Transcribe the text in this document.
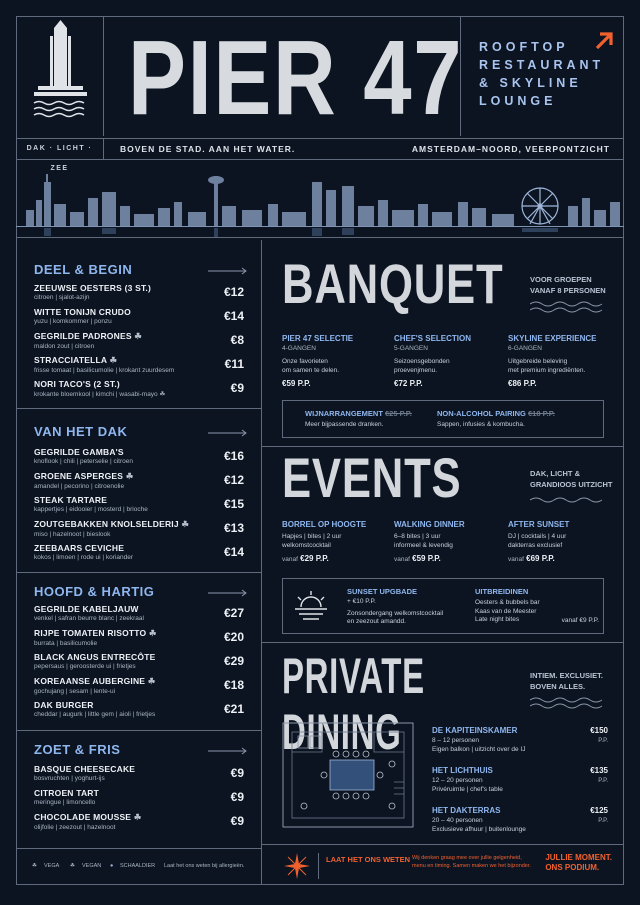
PIER 47 ROOFTOP
RESTAURANT
& SKYLINE
LOUNGE
DAK · LICHT · ZEE
BOVEN DE STAD. AAN HET WATER.	AMSTERDAM–NOORD, VEERPONTZICHT
DEEL & BEGIN
ZEEUWSE OESTERS (3 ST.)
citroen | sjalot-azijn	€12
WITTE TONIJN CRUDO
yuzu | komkommer | ponzu	€14
GEGRILDE PADRONES ☘
maldon zout | citroen	€8
STRACCIATELLA ☘
frisse tomaat | basilicumolie | krokant zuurdesem	€11
NORI TACO'S (2 ST.)
krokante bloemkool | kimchi | wasabi-mayo ☘	€9
VAN HET DAK
GEGRILDE GAMBA'S
knoflook | chili | peterselie | citroen	€16
GROENE ASPERGES ☘
amandel | pecorino | citroenolie	€12
STEAK TARTARE
kappertjes | eidooier | mosterd | brioche	€15
ZOUTGEBAKKEN KNOLSELDERIJ ☘
miso | hazelnoot | bieslook	€13
ZEEBAARS CEVICHE
kokos | limoen | rode ui | koriander	€14
HOOFD & HARTIG
GEGRILDE KABELJAUW
venkel | safran beurre blanc | zeekraal	€27
RIJPE TOMATEN RISOTTO ☘
burrata | basilicumolie	€20
BLACK ANGUS ENTRECÔTE
pepersaus | geroosterde ui | frietjes	€29
KOREAANSE AUBERGINE ☘
gochujang | sesam | lente-ui	€18
DAK BURGER
cheddar | augurk | little gem | aioli | frietjes	€21
ZOET & FRIS
BASQUE CHEESECAKE
bosvruchten | yoghurt-ijs	€9
CITROEN TART
meringue | limoncello	€9
CHOCOLADE MOUSSE ☘
olijfolie | zeezout | hazelnoot	€9
☘ VEGA ☘ VEGAN ● SCHAALDIER Laat het ons weten bij allergieën.
BANQUET	VOOR GROEPEN
VANAF 8 PERSONEN
PIER 47 SELECTIE
4-GANGEN
Onze favorieten
om samen te delen.
€59 P.P.
CHEF'S SELECTION
5-GANGEN
Seizoensgebonden
proevenjmenu.
€72 P.P.
SKYLINE EXPERIENCE
6-GANGEN
Uitgebreide beleving
met premium ingrediënten.
€86 P.P.
WIJNARRANGEMENT €25 P.P.
Meer bijpassende dranken.
NON-ALCOHOL PAIRING €18 P.P.
Sappen, infusies & kombucha.
EVENTS	DAK, LICHT &
GRANDIOOS UITZICHT
BORREL OP HOOGTE
Hapjes | bites | 2 uur
welkomstcocktail
vanaf €29 P.P.
WALKING DINNER
6–8 bites | 3 uur
informeel & levendig
vanaf €59 P.P.
AFTER SUNSET
DJ | cocktails | 4 uur
dakterras exclusief
vanaf €69 P.P.
SUNSET UPGBADE
+ €10 P.P.
Zonsondergang welkomstcocktail
en zeezout amandd.
UITBREIDINEN
Oesters & bubbels bar
Kaas van de Meester
Late night bites	vanaf €9 P.P.
PRIVATE DINING
INTIEM. EXCLUSIET.
BOVEN ALLES.
DE KAPITEINSKAMER
8 – 12 personen
Eigen balkon | uitzicht over de IJ
€150
P.P.
HET LICHTHUIS
12 – 20 personen
Privéruimte | chef's table
€135
P.P.
HET DAKTERRAS
20 – 40 personen
Exclusieve afhuur | buitenlounge
€125
P.P.
LAAT HET ONS WETEN Wij denken graag mee over jullie gelgenheid,
menu en timing. Samen maken we het bijzonder.
JULLIE MOMENT.
ONS PODIUM.
